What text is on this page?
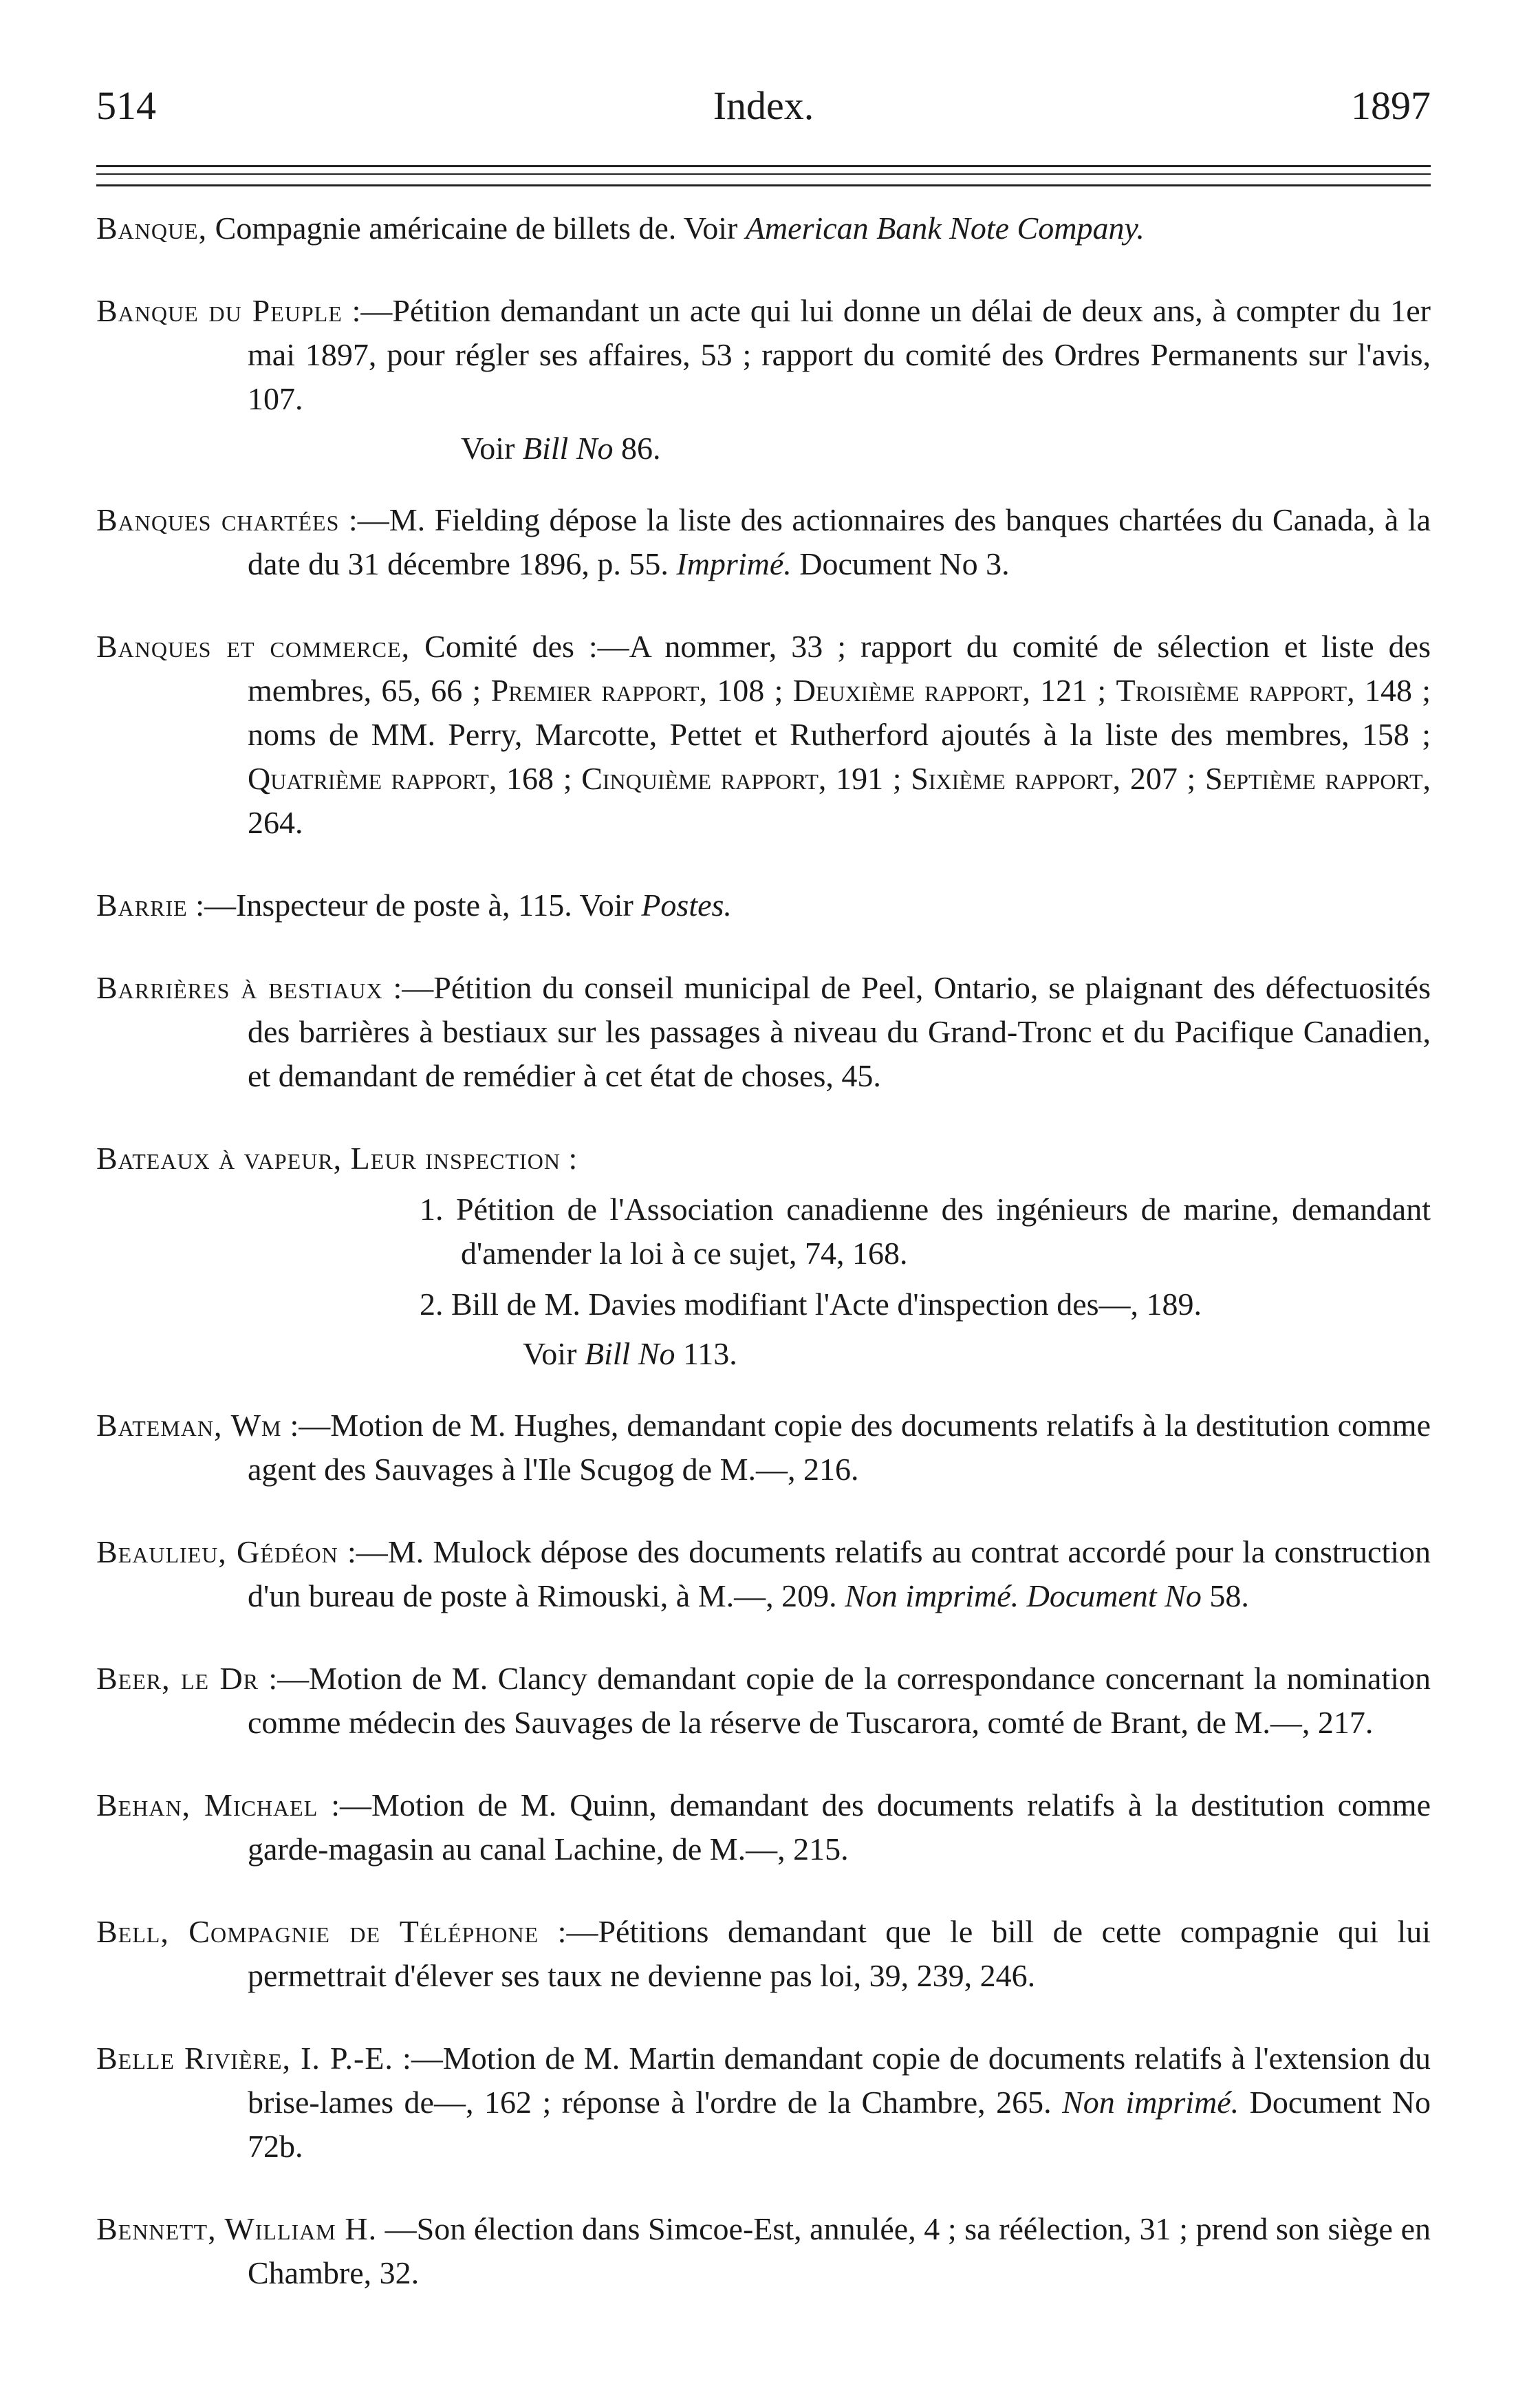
514	Index.	1897

Banque, Compagnie américaine de billets de. Voir American Bank Note Company.

Banque du Peuple :—Pétition demandant un acte qui lui donne un délai de deux ans, à compter du 1er mai 1897, pour régler ses affaires, 53 ; rapport du comité des Ordres Permanents sur l'avis, 107.
Voir Bill No 86.

Banques chartées :—M. Fielding dépose la liste des actionnaires des banques chartées du Canada, à la date du 31 décembre 1896, p. 55. Imprimé. Document No 3.

Banques et commerce, Comité des :—A nommer, 33 ; rapport du comité de sélection et liste des membres, 65, 66 ; Premier rapport, 108 ; Deuxième rapport, 121 ; Troisième rapport, 148 ; noms de MM. Perry, Marcotte, Pettet et Rutherford ajoutés à la liste des membres, 158 ; Quatrième rapport, 168 ; Cinquième rapport, 191 ; Sixième rapport, 207 ; Septième rapport, 264.

Barrie :—Inspecteur de poste à, 115. Voir Postes.

Barrières à bestiaux :—Pétition du conseil municipal de Peel, Ontario, se plaignant des défectuosités des barrières à bestiaux sur les passages à niveau du Grand-Tronc et du Pacifique Canadien, et demandant de remédier à cet état de choses, 45.

Bateaux à vapeur, Leur inspection :
1. Pétition de l'Association canadienne des ingénieurs de marine, demandant d'amender la loi à ce sujet, 74, 168.
2. Bill de M. Davies modifiant l'Acte d'inspection des—, 189.
Voir Bill No 113.

Bateman, Wm :—Motion de M. Hughes, demandant copie des documents relatifs à la destitution comme agent des Sauvages à l'Ile Scugog de M.—, 216.

Beaulieu, Gédéon :—M. Mulock dépose des documents relatifs au contrat accordé pour la construction d'un bureau de poste à Rimouski, à M.—, 209. Non imprimé. Document No 58.

Beer, le Dr :—Motion de M. Clancy demandant copie de la correspondance concernant la nomination comme médecin des Sauvages de la réserve de Tuscarora, comté de Brant, de M.—, 217.

Behan, Michael :—Motion de M. Quinn, demandant des documents relatifs à la destitution comme garde-magasin au canal Lachine, de M.—, 215.

Bell, Compagnie de Téléphone :—Pétitions demandant que le bill de cette compagnie qui lui permettrait d'élever ses taux ne devienne pas loi, 39, 239, 246.

Belle Rivière, I. P.-E. :—Motion de M. Martin demandant copie de documents relatifs à l'extension du brise-lames de—, 162 ; réponse à l'ordre de la Chambre, 265. Non imprimé. Document No 72b.

Bennett, William H. —Son élection dans Simcoe-Est, annulée, 4 ; sa réélection, 31 ; prend son siège en Chambre, 32.
